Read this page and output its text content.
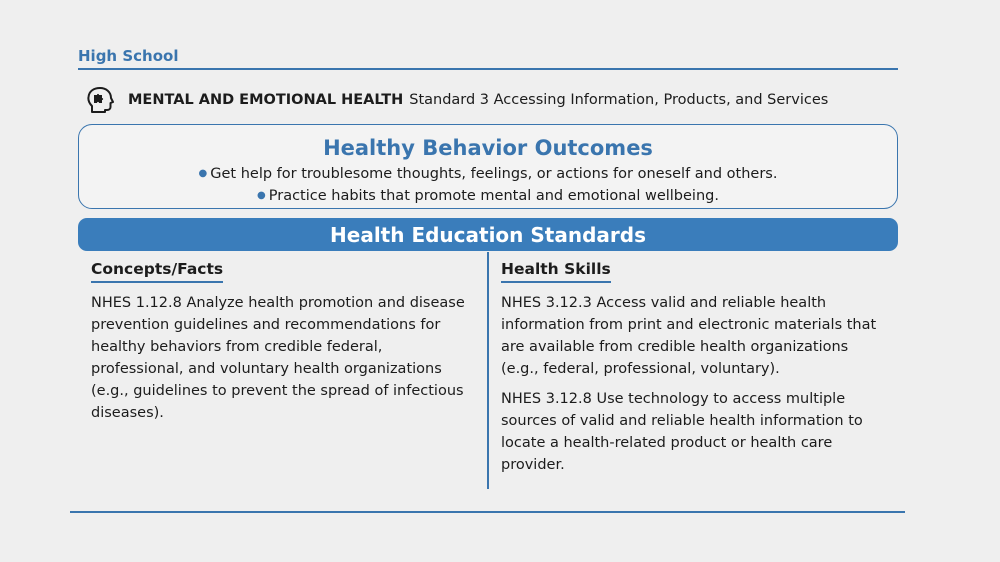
High School
MENTAL AND EMOTIONAL HEALTH Standard 3 Accessing Information, Products, and Services
Healthy Behavior Outcomes
● Get help for troublesome thoughts, feelings, or actions for oneself and others.
● Practice habits that promote mental and emotional wellbeing.
Health Education Standards
Concepts/Facts

NHES 1.12.8 Analyze health promotion and disease prevention guidelines and recommendations for healthy behaviors from credible federal, professional, and voluntary health organizations (e.g., guidelines to prevent the spread of infectious diseases).

Health Skills

NHES 3.12.3 Access valid and reliable health information from print and electronic materials that are available from credible health organizations (e.g., federal, professional, voluntary).

NHES 3.12.8 Use technology to access multiple sources of valid and reliable health information to locate a health-related product or health care provider.
